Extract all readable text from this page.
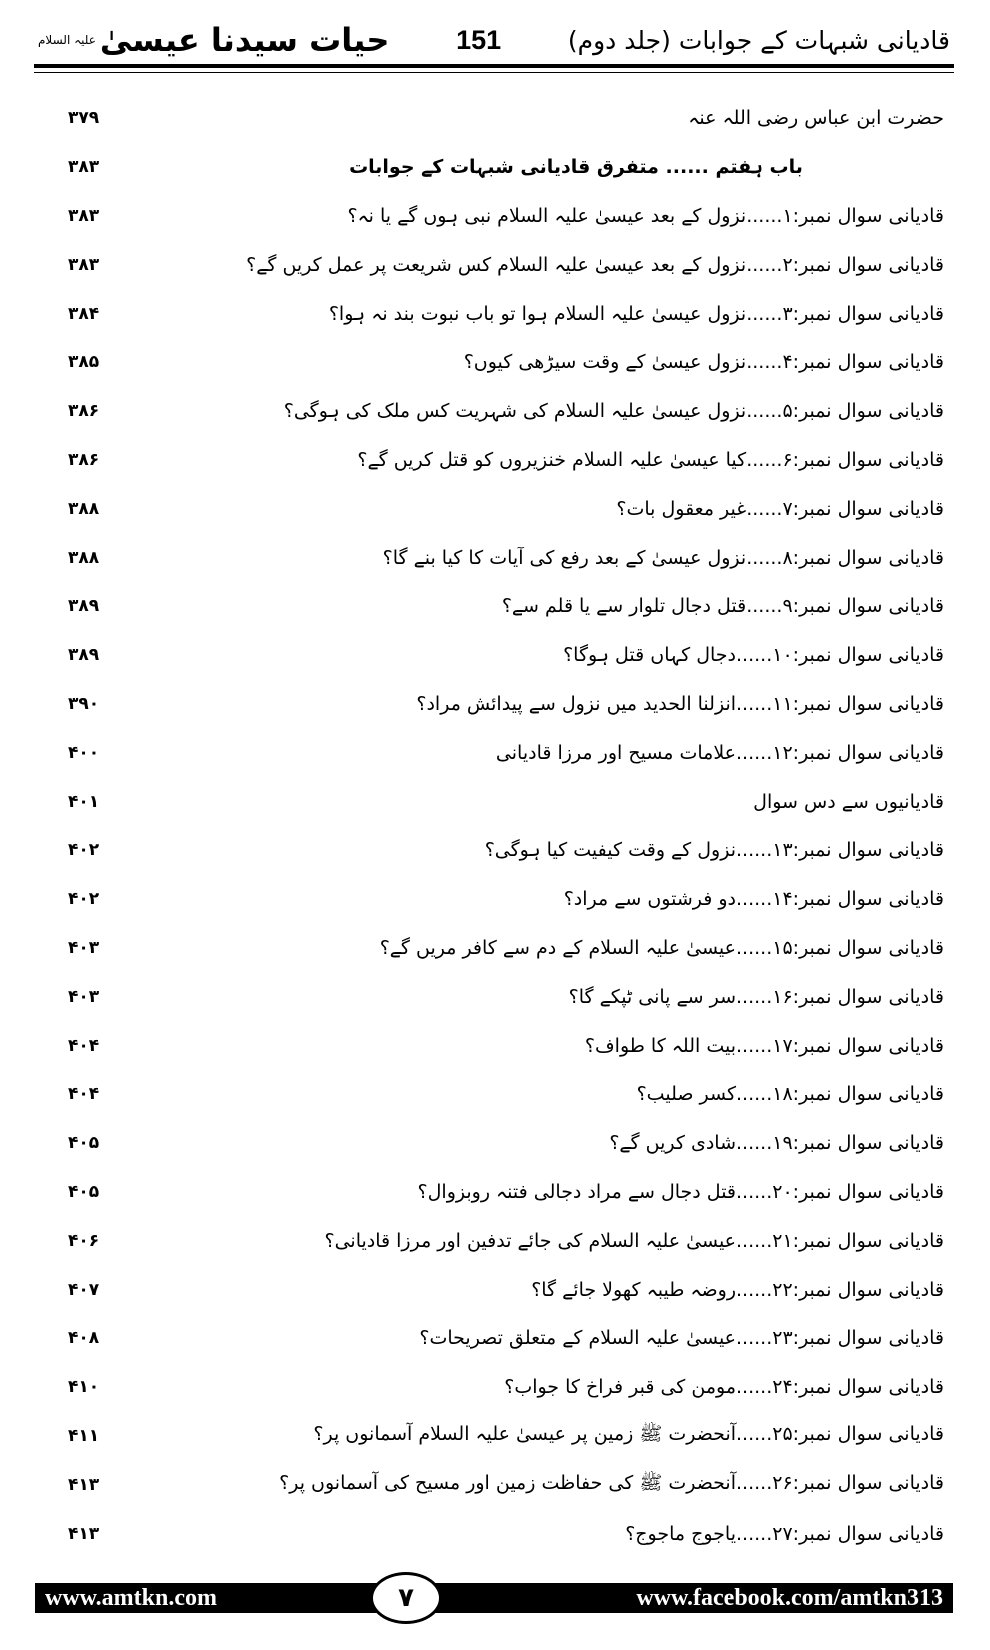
حیات سیدنا عیسیٰ
علیہ السلام	151	قادیانی شبہات کے جوابات (جلد دوم)
۳۷۹	حضرت ابن عباس رضی اللہ عنہ
۳۸۳	باب ہفتم ...... متفرق قادیانی شبہات کے جوابات
۳۸۳	قادیانی سوال نمبر:۱......نزول کے بعد عیسیٰ علیہ السلام نبی ہوں گے یا نہ؟
۳۸۳	قادیانی سوال نمبر:۲......نزول کے بعد عیسیٰ علیہ السلام کس شریعت پر عمل کریں گے؟
۳۸۴	قادیانی سوال نمبر:۳......نزول عیسیٰ علیہ السلام ہوا تو باب نبوت بند نہ ہوا؟
۳۸۵	قادیانی سوال نمبر:۴......نزول عیسیٰ کے وقت سیڑھی کیوں؟
۳۸۶	قادیانی سوال نمبر:۵......نزول عیسیٰ علیہ السلام کی شہریت کس ملک کی ہوگی؟
۳۸۶	قادیانی سوال نمبر:۶......کیا عیسیٰ علیہ السلام خنزیروں کو قتل کریں گے؟
۳۸۸	قادیانی سوال نمبر:۷......غیر معقول بات؟
۳۸۸	قادیانی سوال نمبر:۸......نزول عیسیٰ کے بعد رفع کی آیات کا کیا بنے گا؟
۳۸۹	قادیانی سوال نمبر:۹......قتل دجال تلوار سے یا قلم سے؟
۳۸۹	قادیانی سوال نمبر:۱۰......دجال کہاں قتل ہوگا؟
۳۹۰	قادیانی سوال نمبر:۱۱......انزلنا الحدید میں نزول سے پیدائش مراد؟
۴۰۰	قادیانی سوال نمبر:۱۲......علامات مسیح اور مرزا قادیانی
۴۰۱	قادیانیوں سے دس سوال
۴۰۲	قادیانی سوال نمبر:۱۳......نزول کے وقت کیفیت کیا ہوگی؟
۴۰۲	قادیانی سوال نمبر:۱۴......دو فرشتوں سے مراد؟
۴۰۳	قادیانی سوال نمبر:۱۵......عیسیٰ علیہ السلام کے دم سے کافر مریں گے؟
۴۰۳	قادیانی سوال نمبر:۱۶......سر سے پانی ٹپکے گا؟
۴۰۴	قادیانی سوال نمبر:۱۷......بیت اللہ کا طواف؟
۴۰۴	قادیانی سوال نمبر:۱۸......کسر صلیب؟
۴۰۵	قادیانی سوال نمبر:۱۹......شادی کریں گے؟
۴۰۵	قادیانی سوال نمبر:۲۰......قتل دجال سے مراد دجالی فتنہ روبزوال؟
۴۰۶	قادیانی سوال نمبر:۲۱......عیسیٰ علیہ السلام کی جائے تدفین اور مرزا قادیانی؟
۴۰۷	قادیانی سوال نمبر:۲۲......روضہ طیبہ کھولا جائے گا؟
۴۰۸	قادیانی سوال نمبر:۲۳......عیسیٰ علیہ السلام کے متعلق تصریحات؟
۴۱۰	قادیانی سوال نمبر:۲۴......مومن کی قبر فراخ کا جواب؟
۴۱۱	قادیانی سوال نمبر:۲۵......آنحضرت ﷺ زمین پر عیسیٰ علیہ السلام آسمانوں پر؟
۴۱۳	قادیانی سوال نمبر:۲۶......آنحضرت ﷺ کی حفاظت زمین اور مسیح کی آسمانوں پر؟
۴۱۳	قادیانی سوال نمبر:۲۷......یاجوج ماجوج؟
www.amtkn.com	www.facebook.com/amtkn313
۷
